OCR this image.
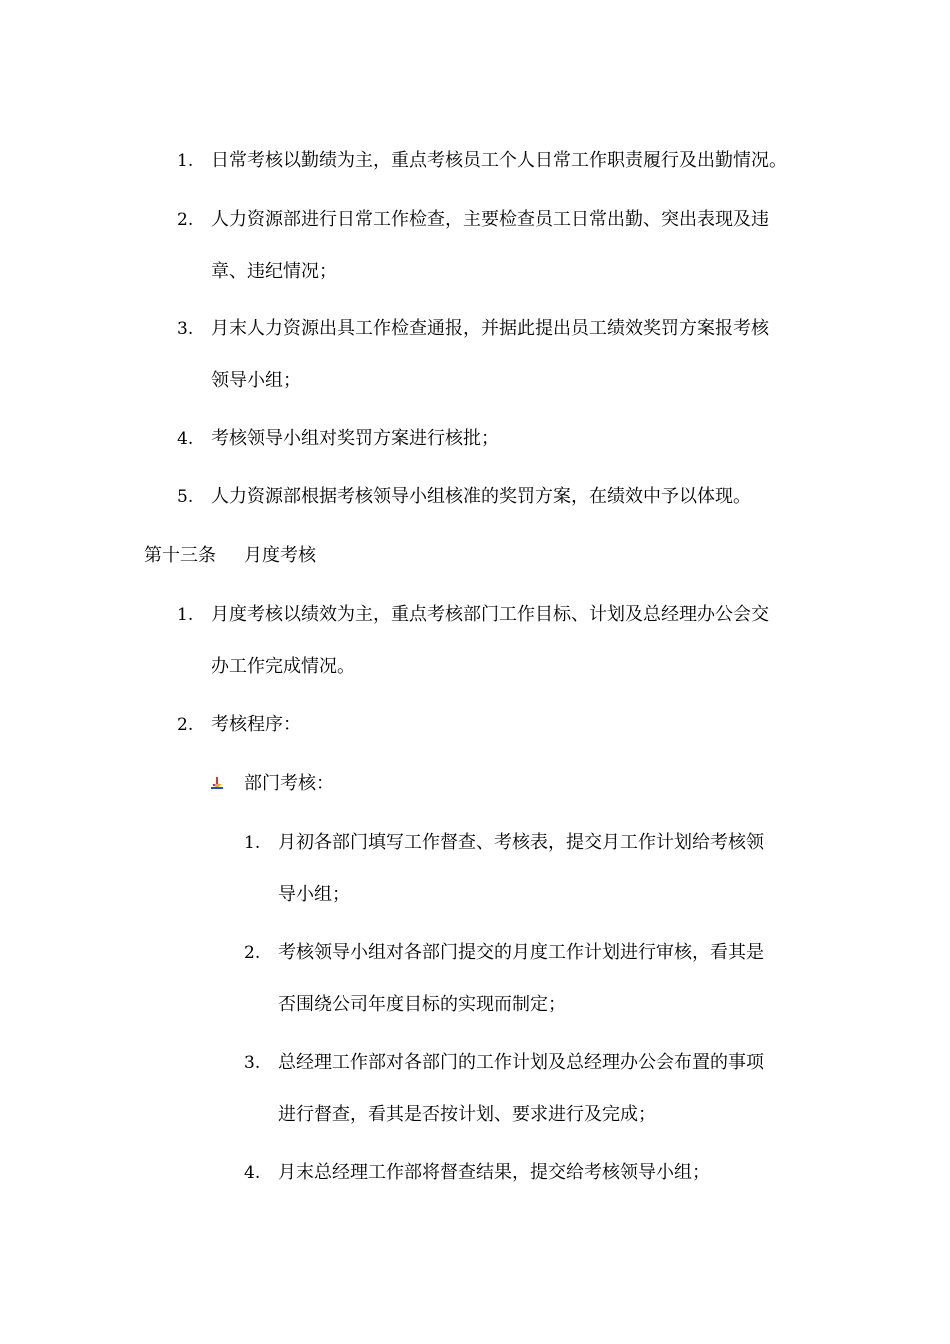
1. 日常考核以勤绩为主，重点考核员工个人日常工作职责履行及出勤情况。
2. 人力资源部进行日常工作检查，主要检查员工日常出勤、突出表现及违
章、违纪情况；
3. 月末人力资源出具工作检查通报，并据此提出员工绩效奖罚方案报考核
领导小组；
4. 考核领导小组对奖罚方案进行核批；
5. 人力资源部根据考核领导小组核准的奖罚方案，在绩效中予以体现。
第十三条 月度考核
1. 月度考核以绩效为主，重点考核部门工作目标、计划及总经理办公会交
办工作完成情况。
2. 考核程序：
部门考核：
1. 月初各部门填写工作督查、考核表，提交月工作计划给考核领
导小组；
2. 考核领导小组对各部门提交的月度工作计划进行审核，看其是
否围绕公司年度目标的实现而制定；
3. 总经理工作部对各部门的工作计划及总经理办公会布置的事项
进行督查，看其是否按计划、要求进行及完成；
4. 月末总经理工作部将督查结果，提交给考核领导小组；
